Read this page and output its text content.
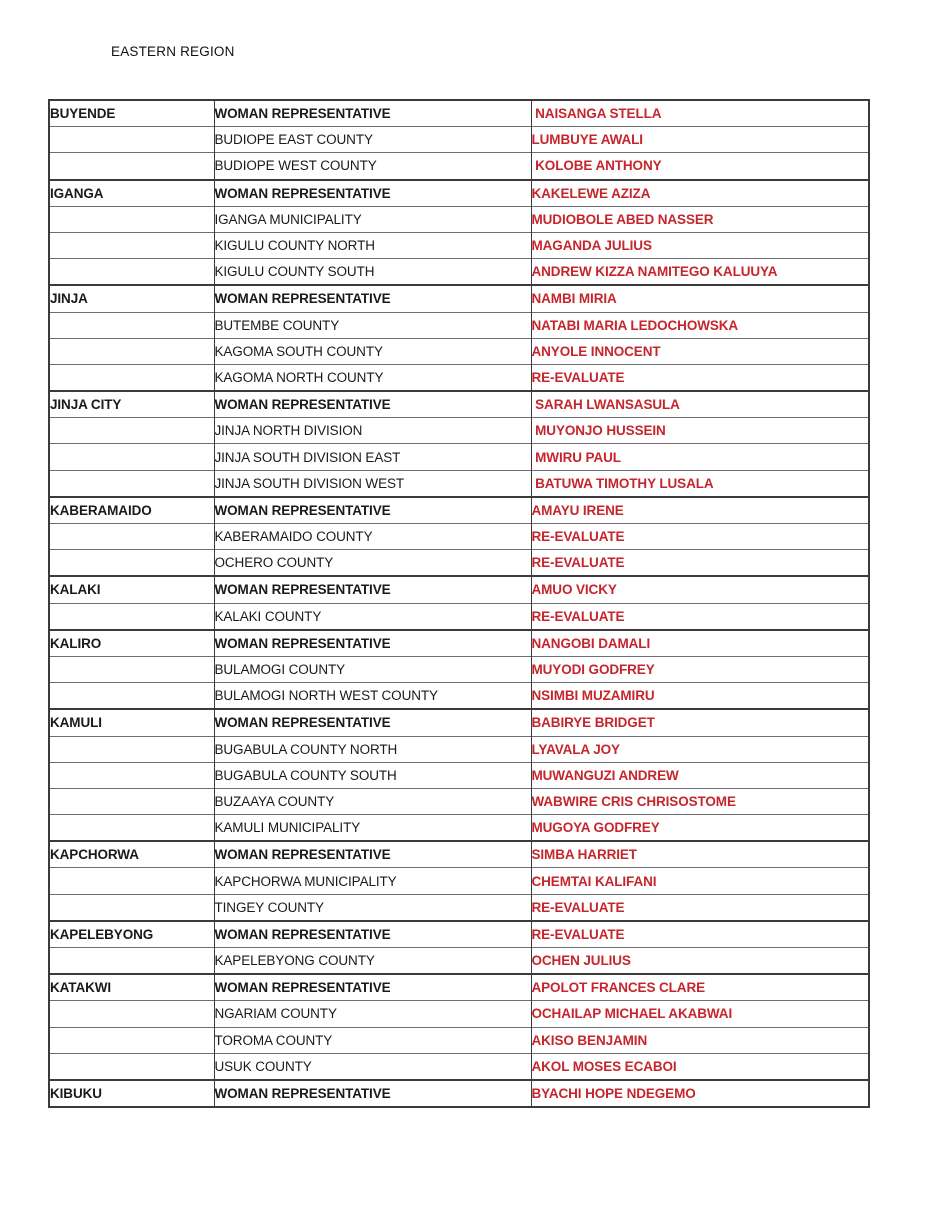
EASTERN REGION
BUYENDE	WOMAN REPRESENTATIVE	NAISANGA STELLA
	BUDIOPE EAST COUNTY	LUMBUYE AWALI
	BUDIOPE WEST COUNTY	KOLOBE ANTHONY
IGANGA	WOMAN REPRESENTATIVE	KAKELEWE AZIZA
	IGANGA MUNICIPALITY	MUDIOBOLE ABED NASSER
	KIGULU COUNTY NORTH	MAGANDA JULIUS
	KIGULU COUNTY SOUTH	ANDREW KIZZA NAMITEGO KALUUYA
JINJA	WOMAN REPRESENTATIVE	NAMBI MIRIA
	BUTEMBE COUNTY	NATABI MARIA LEDOCHOWSKA
	KAGOMA SOUTH COUNTY	ANYOLE INNOCENT
	KAGOMA NORTH COUNTY	RE-EVALUATE
JINJA CITY	WOMAN REPRESENTATIVE	SARAH LWANSASULA
	JINJA NORTH DIVISION	MUYONJO HUSSEIN
	JINJA SOUTH DIVISION EAST	MWIRU PAUL
	JINJA SOUTH DIVISION WEST	BATUWA TIMOTHY LUSALA
KABERAMAIDO	WOMAN REPRESENTATIVE	AMAYU IRENE
	KABERAMAIDO COUNTY	RE-EVALUATE
	OCHERO COUNTY	RE-EVALUATE
KALAKI	WOMAN REPRESENTATIVE	AMUO VICKY
	KALAKI COUNTY	RE-EVALUATE
KALIRO	WOMAN REPRESENTATIVE	NANGOBI DAMALI
	BULAMOGI COUNTY	MUYODI GODFREY
	BULAMOGI NORTH WEST COUNTY	NSIMBI MUZAMIRU
KAMULI	WOMAN REPRESENTATIVE	BABIRYE BRIDGET
	BUGABULA COUNTY NORTH	LYAVALA JOY
	BUGABULA COUNTY SOUTH	MUWANGUZI ANDREW
	BUZAAYA COUNTY	WABWIRE CRIS CHRISOSTOME
	KAMULI MUNICIPALITY	MUGOYA GODFREY
KAPCHORWA	WOMAN REPRESENTATIVE	SIMBA HARRIET
	KAPCHORWA MUNICIPALITY	CHEMTAI KALIFANI
	TINGEY COUNTY	RE-EVALUATE
KAPELEBYONG	WOMAN REPRESENTATIVE	RE-EVALUATE
	KAPELEBYONG COUNTY	OCHEN JULIUS
KATAKWI	WOMAN REPRESENTATIVE	APOLOT FRANCES CLARE
	NGARIAM COUNTY	OCHAILAP MICHAEL AKABWAI
	TOROMA COUNTY	AKISO BENJAMIN
	USUK COUNTY	AKOL MOSES ECABOI
KIBUKU	WOMAN REPRESENTATIVE	BYACHI HOPE NDEGEMO
